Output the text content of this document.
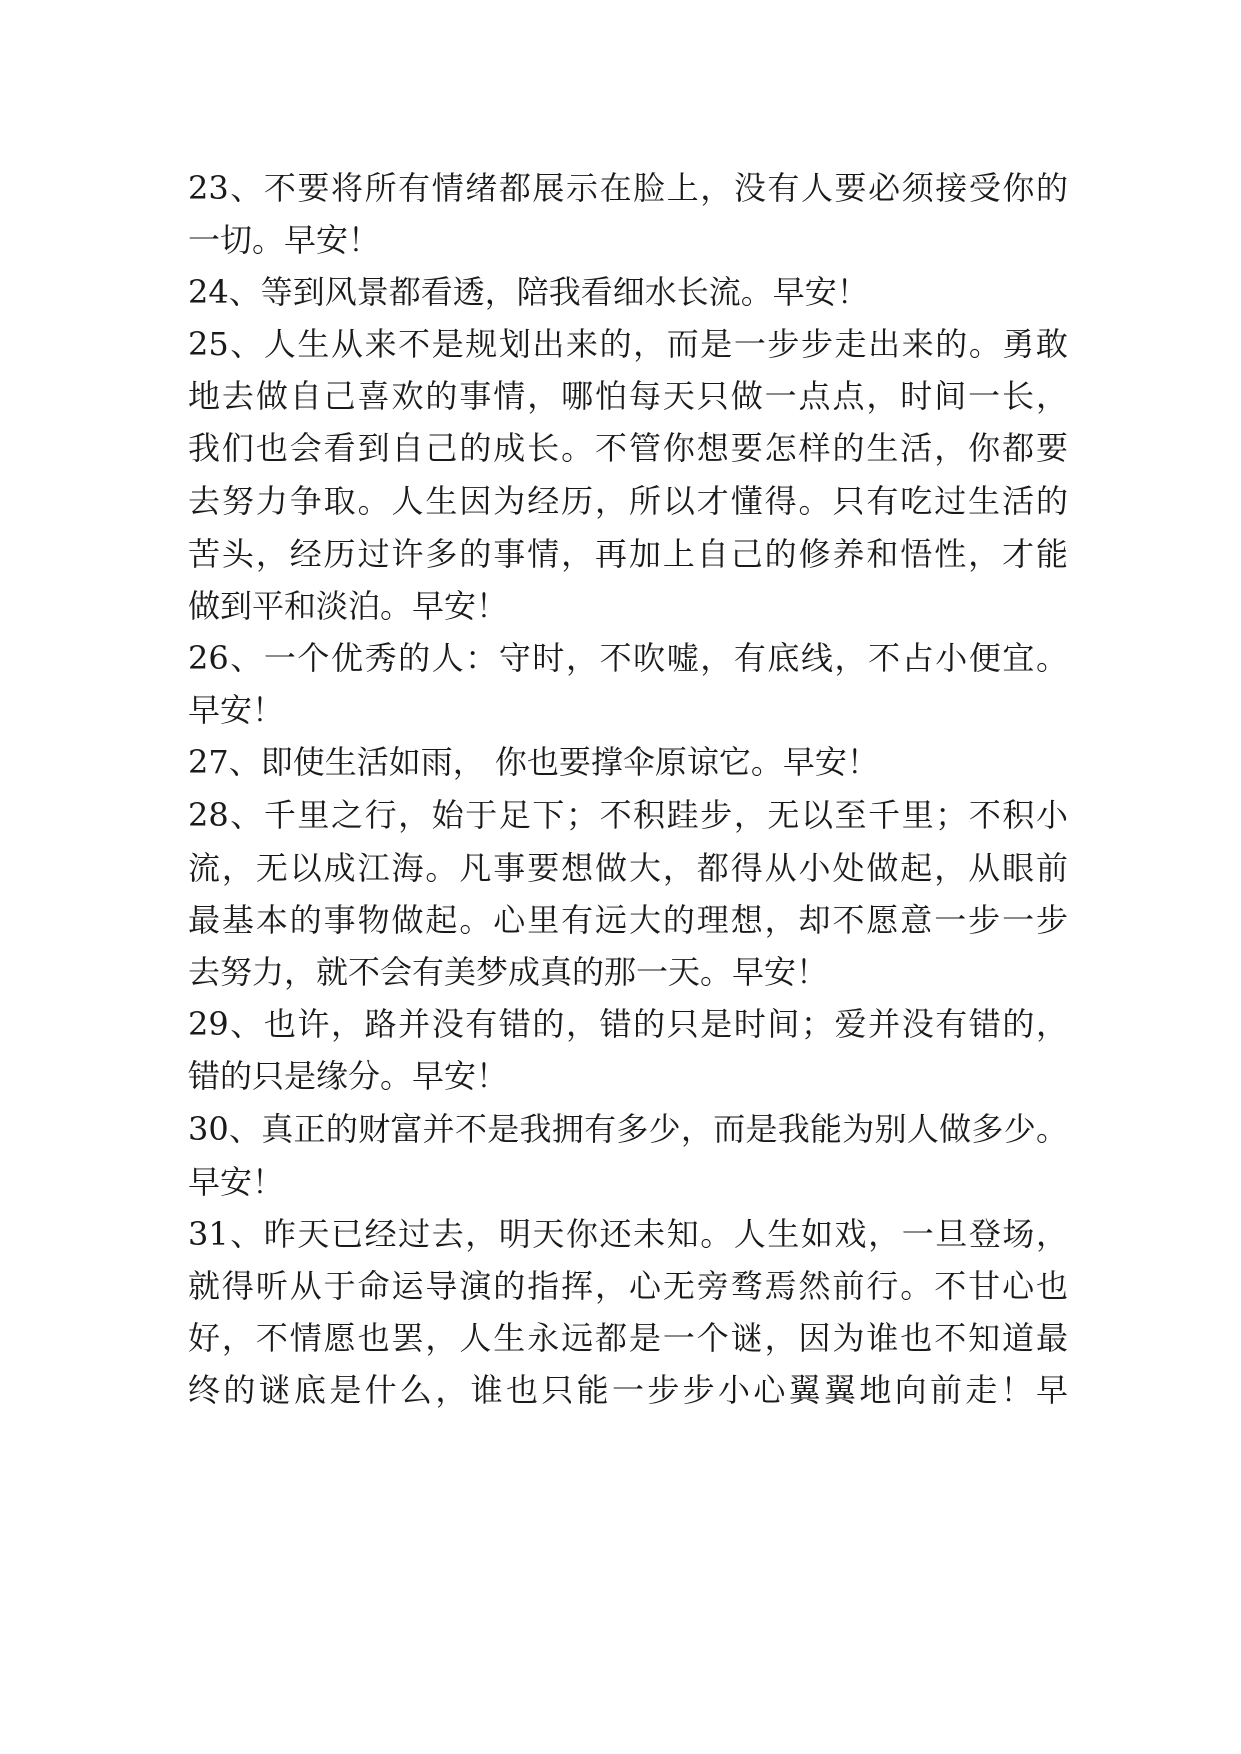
23、不要将所有情绪都展示在脸上，没有人要必须接受你的
一切。早安！
24、等到风景都看透，陪我看细水长流。早安！
25、人生从来不是规划出来的，而是一步步走出来的。勇敢
地去做自己喜欢的事情，哪怕每天只做一点点，时间一长，
我们也会看到自己的成长。不管你想要怎样的生活，你都要
去努力争取。人生因为经历，所以才懂得。只有吃过生活的
苦头，经历过许多的事情，再加上自己的修养和悟性，才能
做到平和淡泊。早安！
26、一个优秀的人：守时，不吹嘘，有底线，不占小便宜。
早安！
27、即使生活如雨， 你也要撑伞原谅它。早安！
28、千里之行，始于足下；不积跬步，无以至千里；不积小
流，无以成江海。凡事要想做大，都得从小处做起，从眼前
最基本的事物做起。心里有远大的理想，却不愿意一步一步
去努力，就不会有美梦成真的那一天。早安！
29、也许，路并没有错的，错的只是时间；爱并没有错的，
错的只是缘分。早安！
30、真正的财富并不是我拥有多少，而是我能为别人做多少。
早安！
31、昨天已经过去，明天你还未知。人生如戏，一旦登场，
就得听从于命运导演的指挥，心无旁骛焉然前行。不甘心也
好，不情愿也罢，人生永远都是一个谜，因为谁也不知道最
终的谜底是什么，谁也只能一步步小心翼翼地向前走！早
